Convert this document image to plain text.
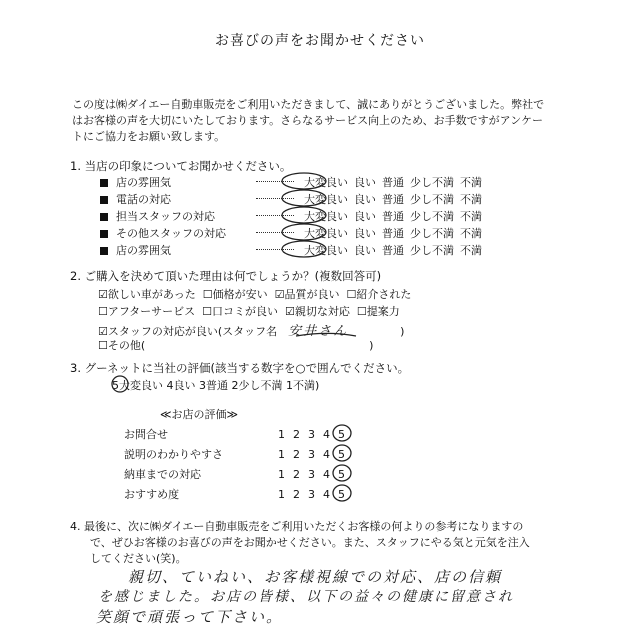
お喜びの声をお聞かせください
この度は㈱ダイエー自動車販売をご利用いただきまして、誠にありがとうございました。弊社で
はお客様の声を大切にいたしております。さらなるサービス向上のため、お手数ですがアンケー
トにご協力をお願い致します。
1. 当店の印象についてお聞かせください。
店の雰囲気	大変良い 良い 普通 少し不満 不満
電話の対応	大変良い 良い 普通 少し不満 不満
担当スタッフの対応	大変良い 良い 普通 少し不満 不満
その他スタッフの対応	大変良い 良い 普通 少し不満 不満
店の雰囲気	大変良い 良い 普通 少し不満 不満
2. ご購入を決めて頂いた理由は何でしょうか？(複数回答可)
☑欲しい車があった ☐価格が安い ☑品質が良い ☐紹介された
☐アフターサービス ☐口コミが良い ☑親切な対応 ☐提案力
☑スタッフの対応が良い(スタッフ名 安井さん	)
☐その他(	)
3. グーネットに当社の評価(該当する数字を○で囲んでください。
5大変良い 4良い 3普通 2少し不満 1不満)
≪お店の評価≫
お問合せ	1 2 3 4 5
説明のわかりやすさ	1 2 3 4 5
納車までの対応	1 2 3 4 5
おすすめ度	1 2 3 4 5
4. 最後に、次に㈱ダイエー自動車販売をご利用いただくお客様の何よりの参考になりますの
で、ぜひお客様のお喜びの声をお聞かせください。また、スタッフにやる気と元気を注入
してください(笑)。
親切、ていねい、お客様視線での対応、店の信頼
を感じました。お店の皆様、以下の益々の健康に留意され
笑顔で頑張って下さい。
